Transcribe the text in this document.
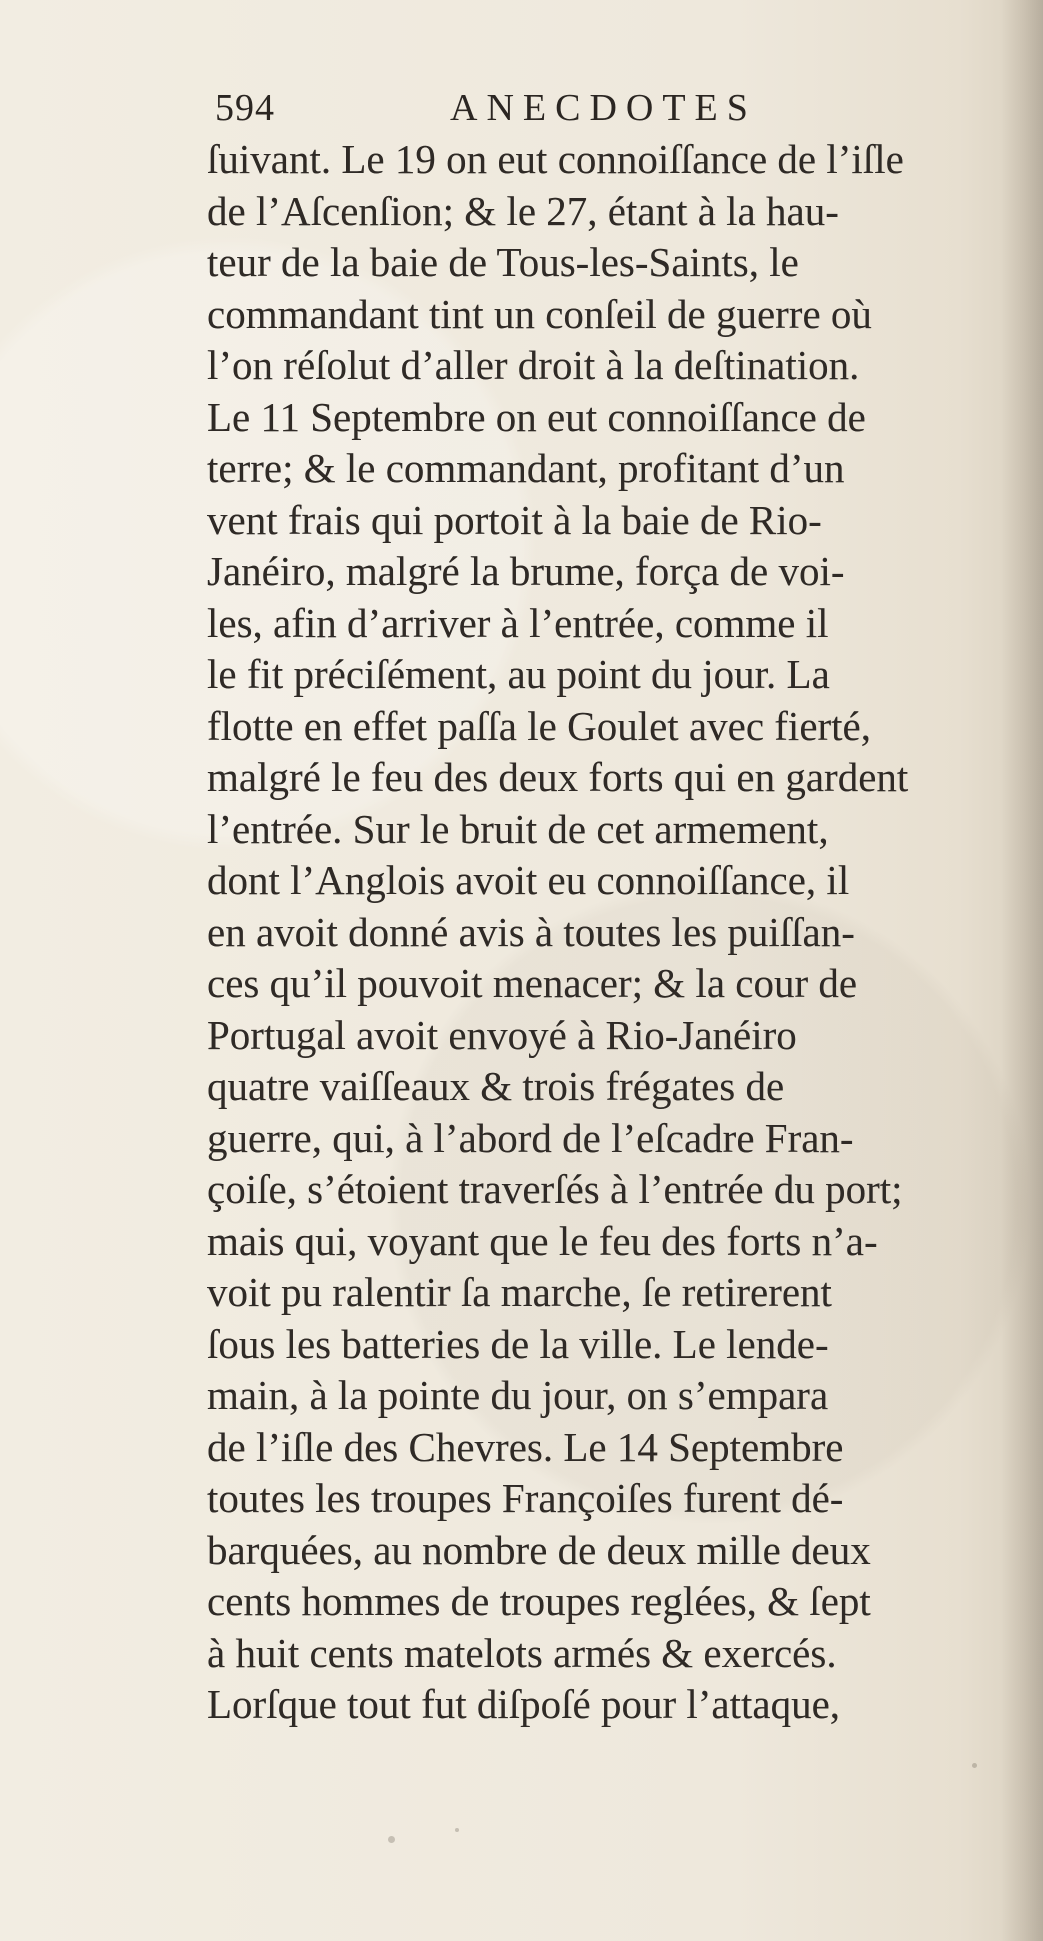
594	ANECDOTES
ſuivant. Le 19 on eut connoiſſance de l’iſle
de l’Aſcenſion; & le 27, étant à la hau-
teur de la baie de Tous-les-Saints, le
commandant tint un conſeil de guerre où
l’on réſolut d’aller droit à la deſtination.
Le 11 Septembre on eut connoiſſance de
terre; & le commandant, profitant d’un
vent frais qui portoit à la baie de Rio-
Janéiro, malgré la brume, força de voi-
les, afin d’arriver à l’entrée, comme il
le fit préciſément, au point du jour. La
flotte en effet paſſa le Goulet avec fierté,
malgré le feu des deux forts qui en gardent
l’entrée. Sur le bruit de cet armement,
dont l’Anglois avoit eu connoiſſance, il
en avoit donné avis à toutes les puiſſan-
ces qu’il pouvoit menacer; & la cour de
Portugal avoit envoyé à Rio-Janéiro
quatre vaiſſeaux & trois frégates de
guerre, qui, à l’abord de l’eſcadre Fran-
çoiſe, s’étoient traverſés à l’entrée du port;
mais qui, voyant que le feu des forts n’a-
voit pu ralentir ſa marche, ſe retirerent
ſous les batteries de la ville. Le lende-
main, à la pointe du jour, on s’empara
de l’iſle des Chevres. Le 14 Septembre
toutes les troupes Françoiſes furent dé-
barquées, au nombre de deux mille deux
cents hommes de troupes reglées, & ſept
à huit cents matelots armés & exercés.
Lorſque tout fut diſpoſé pour l’attaque,
